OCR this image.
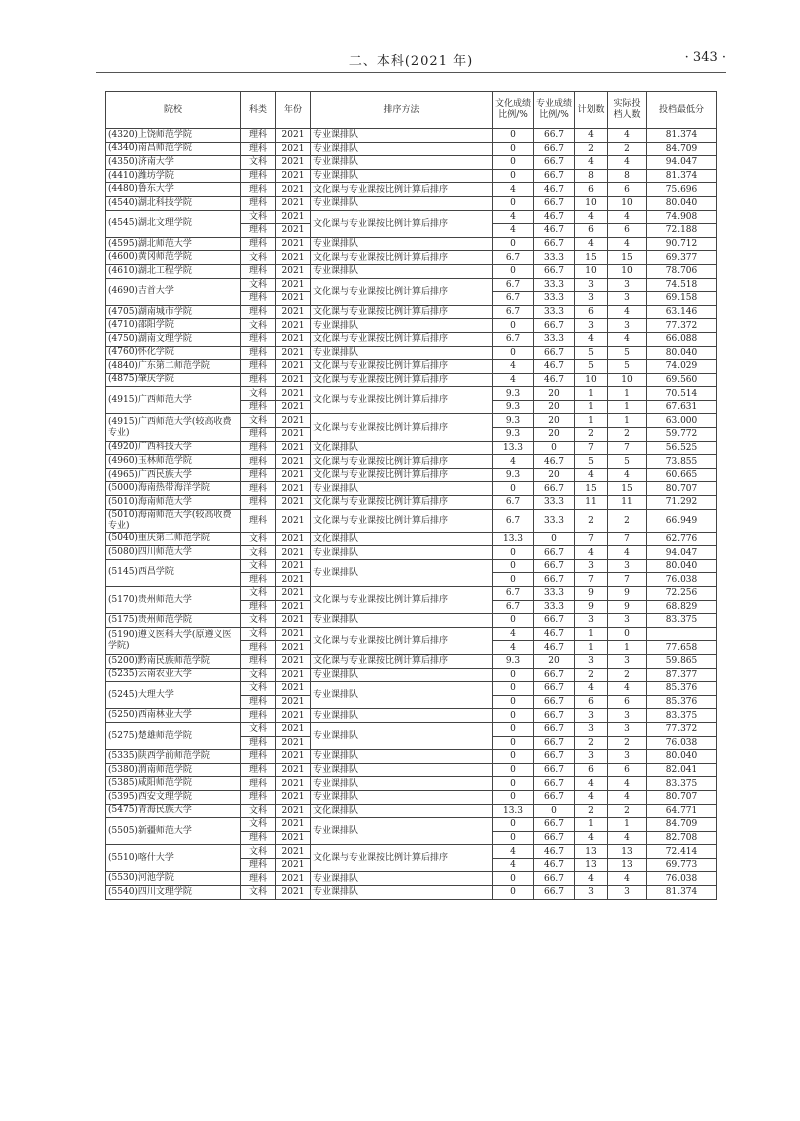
二、本科(2021 年)	· 343 ·
院校	科类	年份	排序方法	文化成绩比例/%	专业成绩比例/%	计划数	实际投档人数	投档最低分
(4320)上饶师范学院	理科	2021	专业课排队	0	66.7	4	4	81.374
(4340)南昌师范学院	理科	2021	专业课排队	0	66.7	2	2	84.709
(4350)济南大学	文科	2021	专业课排队	0	66.7	4	4	94.047
(4410)潍坊学院	理科	2021	专业课排队	0	66.7	8	8	81.374
(4480)鲁东大学	理科	2021	文化课与专业课按比例计算后排序	4	46.7	6	6	75.696
(4540)湖北科技学院	理科	2021	专业课排队	0	66.7	10	10	80.040
(4545)湖北文理学院	文科	2021	文化课与专业课按比例计算后排序	4	46.7	4	4	74.908
	理科	2021		4	46.7	6	6	72.188
(4595)湖北师范大学	理科	2021	专业课排队	0	66.7	4	4	90.712
(4600)黄冈师范学院	文科	2021	文化课与专业课按比例计算后排序	6.7	33.3	15	15	69.377
(4610)湖北工程学院	理科	2021	专业课排队	0	66.7	10	10	78.706
(4690)吉首大学	文科	2021	文化课与专业课按比例计算后排序	6.7	33.3	3	3	74.518
	理科	2021		6.7	33.3	3	3	69.158
(4705)湖南城市学院	理科	2021	文化课与专业课按比例计算后排序	6.7	33.3	6	4	63.146
(4710)邵阳学院	文科	2021	专业课排队	0	66.7	3	3	77.372
(4750)湖南文理学院	理科	2021	文化课与专业课按比例计算后排序	6.7	33.3	4	4	66.088
(4760)怀化学院	理科	2021	专业课排队	0	66.7	5	5	80.040
(4840)广东第二师范学院	理科	2021	文化课与专业课按比例计算后排序	4	46.7	5	5	74.029
(4875)肇庆学院	理科	2021	文化课与专业课按比例计算后排序	4	46.7	10	10	69.560
(4915)广西师范大学	文科	2021	文化课与专业课按比例计算后排序	9.3	20	1	1	70.514
	理科	2021		9.3	20	1	1	67.631
(4915)广西师范大学(较高收费专业)	文科	2021	文化课与专业课按比例计算后排序	9.3	20	1	1	63.000
	理科	2021		9.3	20	2	2	59.772
(4920)广西科技大学	理科	2021	文化课排队	13.3	0	7	7	56.525
(4960)玉林师范学院	理科	2021	文化课与专业课按比例计算后排序	4	46.7	5	5	73.855
(4965)广西民族大学	理科	2021	文化课与专业课按比例计算后排序	9.3	20	4	4	60.665
(5000)海南热带海洋学院	理科	2021	专业课排队	0	66.7	15	15	80.707
(5010)海南师范大学	理科	2021	文化课与专业课按比例计算后排序	6.7	33.3	11	11	71.292
(5010)海南师范大学(较高收费专业)	理科	2021	文化课与专业课按比例计算后排序	6.7	33.3	2	2	66.949
(5040)重庆第二师范学院	文科	2021	文化课排队	13.3	0	7	7	62.776
(5080)四川师范大学	文科	2021	专业课排队	0	66.7	4	4	94.047
(5145)西昌学院	文科	2021	专业课排队	0	66.7	3	3	80.040
	理科	2021		0	66.7	7	7	76.038
(5170)贵州师范大学	文科	2021	文化课与专业课按比例计算后排序	6.7	33.3	9	9	72.256
	理科	2021		6.7	33.3	9	9	68.829
(5175)贵州师范学院	文科	2021	专业课排队	0	66.7	3	3	83.375
(5190)遵义医科大学(原遵义医学院)	文科	2021	文化课与专业课按比例计算后排序	4	46.7	1	0	
	理科	2021		4	46.7	1	1	77.658
(5200)黔南民族师范学院	理科	2021	文化课与专业课按比例计算后排序	9.3	20	3	3	59.865
(5235)云南农业大学	文科	2021	专业课排队	0	66.7	2	2	87.377
(5245)大理大学	文科	2021	专业课排队	0	66.7	4	4	85.376
	理科	2021		0	66.7	6	6	85.376
(5250)西南林业大学	理科	2021	专业课排队	0	66.7	3	3	83.375
(5275)楚雄师范学院	文科	2021	专业课排队	0	66.7	3	3	77.372
	理科	2021		0	66.7	2	2	76.038
(5335)陕西学前师范学院	理科	2021	专业课排队	0	66.7	3	3	80.040
(5380)渭南师范学院	理科	2021	专业课排队	0	66.7	6	6	82.041
(5385)咸阳师范学院	理科	2021	专业课排队	0	66.7	4	4	83.375
(5395)西安文理学院	理科	2021	专业课排队	0	66.7	4	4	80.707
(5475)青海民族大学	文科	2021	文化课排队	13.3	0	2	2	64.771
(5505)新疆师范大学	文科	2021	专业课排队	0	66.7	1	1	84.709
	理科	2021		0	66.7	4	4	82.708
(5510)喀什大学	文科	2021	文化课与专业课按比例计算后排序	4	46.7	13	13	72.414
	理科	2021		4	46.7	13	13	69.773
(5530)河池学院	理科	2021	专业课排队	0	66.7	4	4	76.038
(5540)四川文理学院	文科	2021	专业课排队	0	66.7	3	3	81.374
